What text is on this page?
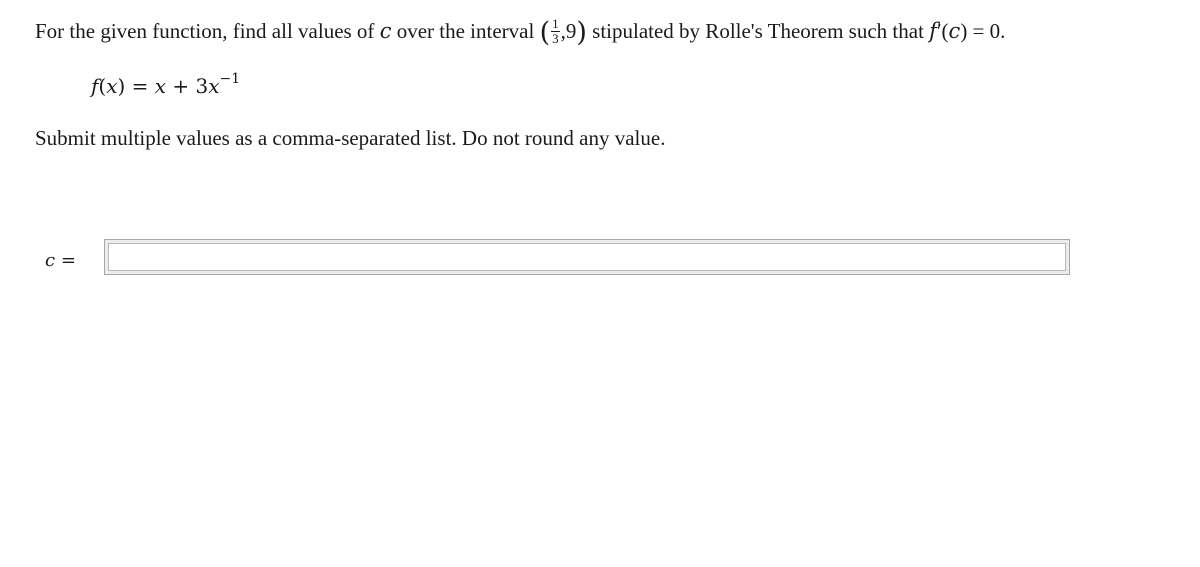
For the given function, find all values of c over the interval ( $\frac{1}{3} ,9$) stipulated by Rolle's Theorem such that f′(c) = 0.
$f(x) = x + 3x^{-1}$
Submit multiple values as a comma-separated list. Do not round any value.
c =
